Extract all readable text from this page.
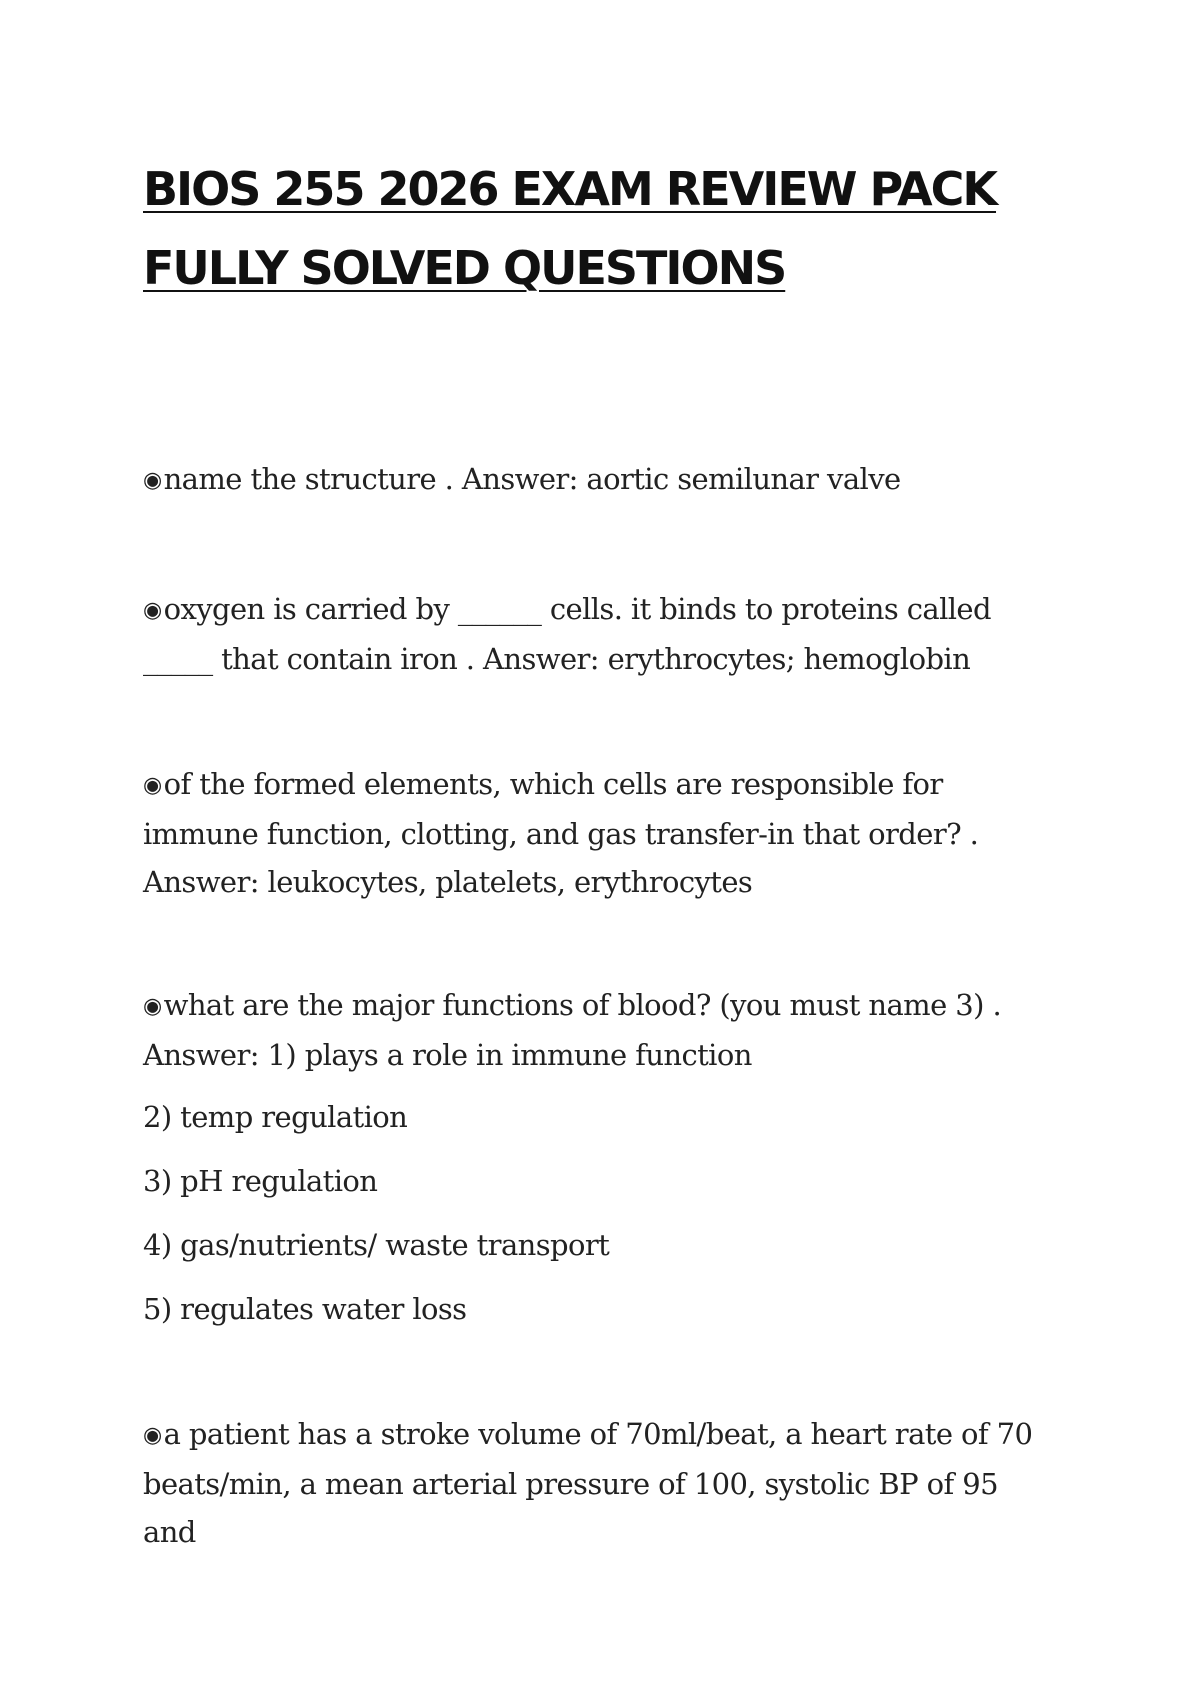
BIOS 255 2026 EXAM REVIEW PACK FULLY SOLVED QUESTIONS

◉name the structure . Answer: aortic semilunar valve

◉oxygen is carried by ______ cells. it binds to proteins called _____ that contain iron . Answer: erythrocytes; hemoglobin

◉of the formed elements, which cells are responsible for immune function, clotting, and gas transfer-in that order? . Answer: leukocytes, platelets, erythrocytes

◉what are the major functions of blood? (you must name 3) . Answer: 1) plays a role in immune function

2) temp regulation

3) pH regulation

4) gas/nutrients/ waste transport

5) regulates water loss

◉a patient has a stroke volume of 70ml/beat, a heart rate of 70 beats/min, a mean arterial pressure of 100, systolic BP of 95 and
